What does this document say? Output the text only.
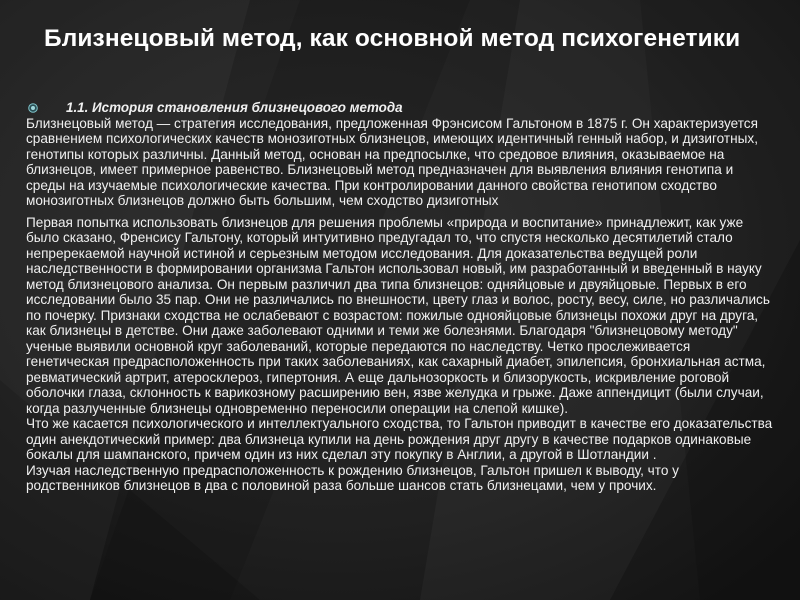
Близнецовый метод, как основной метод психогенетики
1.1. История становления близнецового метода

Близнецовый метод — стратегия исследования, предложенная Фрэнсисом Гальтоном в 1875 г. Он характеризуется сравнением психологических качеств монозиготных близнецов, имеющих идентичный генный набор, и дизиготных, генотипы которых различны. Данный метод, основан на предпосылке, что средовое влияния, оказываемое на близнецов, имеет примерное равенство. Близнецовый метод предназначен для выявления влияния генотипа и среды на изучаемые психологические качества. При контролировании данного свойства генотипом сходство монозиготных близнецов должно быть большим, чем сходство дизиготных

Первая попытка использовать близнецов для решения проблемы «природа и воспитание» принадлежит, как уже было сказано, Френсису Гальтону, который интуитивно предугадал то, что спустя несколько десятилетий стало непререкаемой научной истиной и серьезным методом исследования. Для доказательства ведущей роли наследственности в формировании организма Гальтон использовал новый, им разработанный и введенный в науку метод близнецового анализа. Он первым различил два типа близнецов: одняйцовые и двуяйцовые. Первых в его исследовании было 35 пар. Они не различались по внешности, цвету глаз и волос, росту, весу, силе, но различались по почерку. Признаки сходства не ослабевают с возрастом: пожилые однояйцовые близнецы похожи друг на друга, как близнецы в детстве. Они даже заболевают одними и теми же болезнями. Благодаря "близнецовому методу" ученые выявили основной круг заболеваний, которые передаются по наследству. Четко прослеживается генетическая предрасположенность при таких заболеваниях, как сахарный диабет, эпилепсия, бронхиальная астма, ревматический артрит, атеросклероз, гипертония. А еще дальнозоркость и близорукость, искривление роговой оболочки глаза, склонность к варикозному расширению вен, язве желудка и грыже. Даже аппендицит (были случаи, когда разлученные близнецы одновременно переносили операции на слепой кишке).

Что же касается психологического и интеллектуального сходства, то Гальтон приводит в качестве его доказательства один анекдотический пример: два близнеца купили на день рождения друг другу в качестве подарков одинаковые бокалы для шампанского, причем один из них сделал эту покупку в Англии, а другой в Шотландии .

Изучая наследственную предрасположенность к рождению близнецов, Гальтон пришел к выводу, что у родственников близнецов в два с половиной раза больше шансов стать близнецами, чем у прочих.
